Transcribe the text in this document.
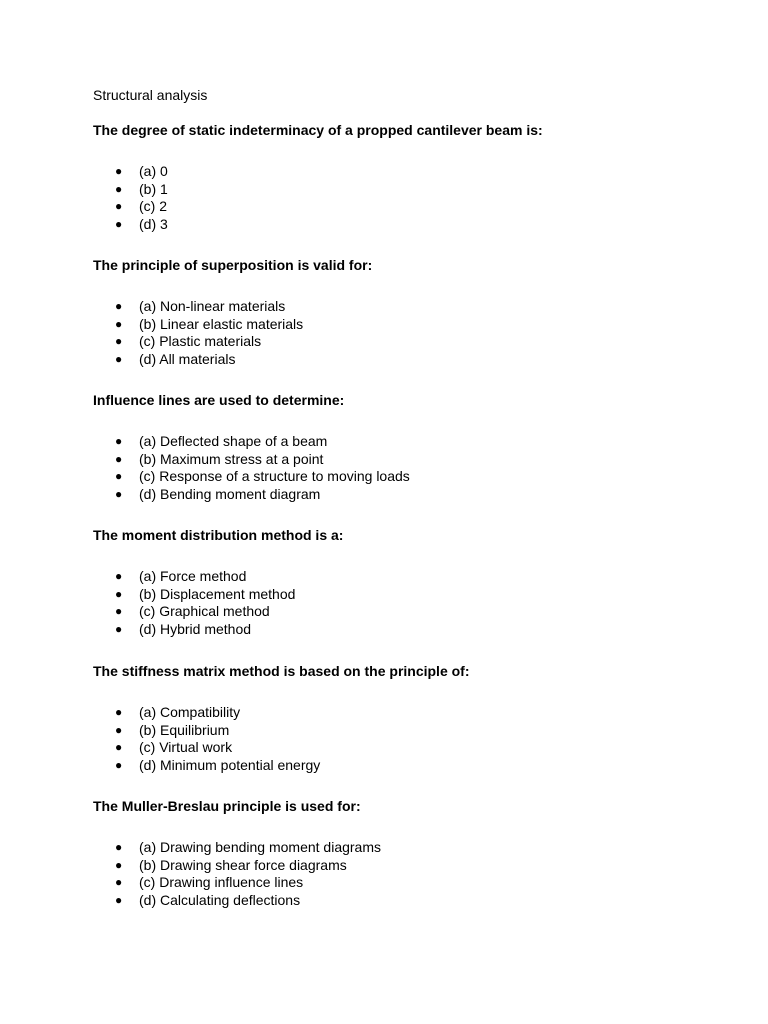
Structural analysis

The degree of static indeterminacy of a propped cantilever beam is:

● (a) 0
● (b) 1
● (c) 2
● (d) 3

The principle of superposition is valid for:

● (a) Non-linear materials
● (b) Linear elastic materials
● (c) Plastic materials
● (d) All materials

Influence lines are used to determine:

● (a) Deflected shape of a beam
● (b) Maximum stress at a point
● (c) Response of a structure to moving loads
● (d) Bending moment diagram

The moment distribution method is a:

● (a) Force method
● (b) Displacement method
● (c) Graphical method
● (d) Hybrid method

The stiffness matrix method is based on the principle of:

● (a) Compatibility
● (b) Equilibrium
● (c) Virtual work
● (d) Minimum potential energy

The Muller-Breslau principle is used for:

● (a) Drawing bending moment diagrams
● (b) Drawing shear force diagrams
● (c) Drawing influence lines
● (d) Calculating deflections
